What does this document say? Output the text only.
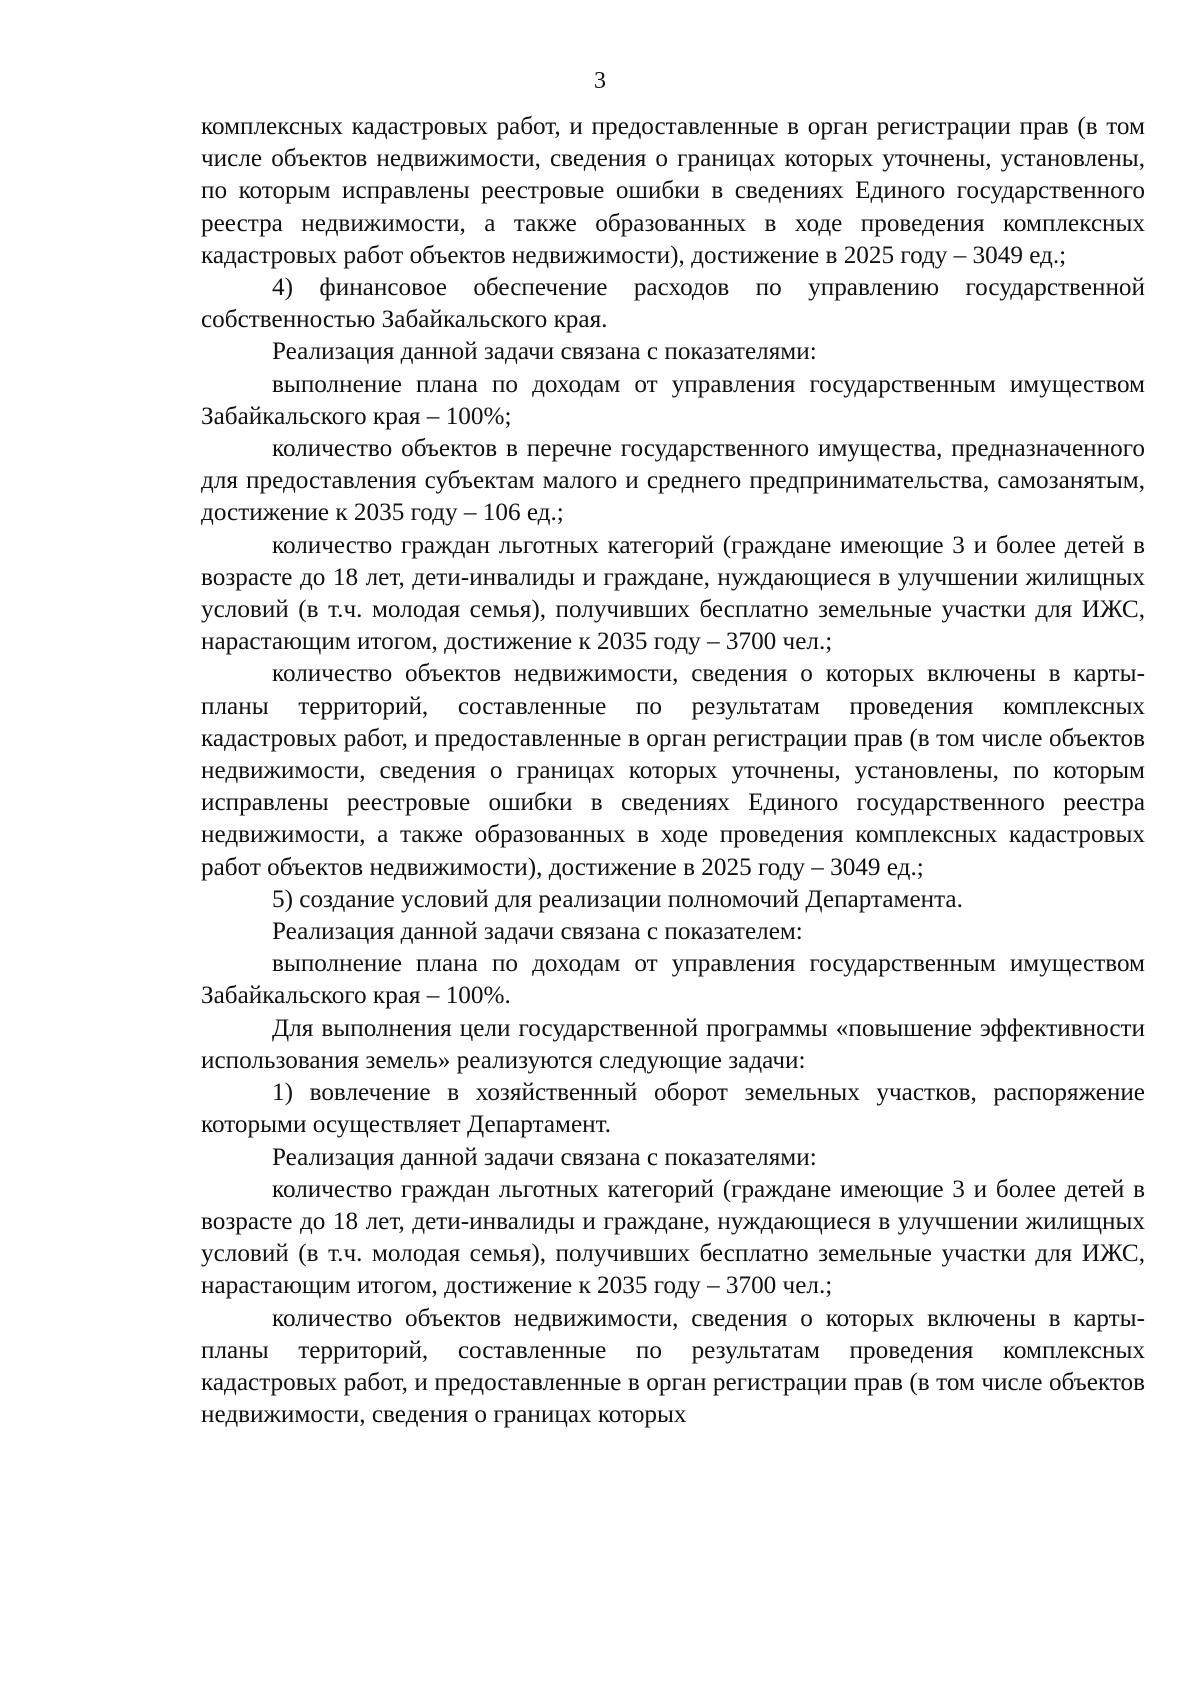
3

комплексных кадастровых работ, и предоставленные в орган регистрации прав (в том числе объектов недвижимости, сведения о границах которых уточнены, установлены, по которым исправлены реестровые ошибки в сведениях Единого государственного реестра недвижимости, а также образованных в ходе проведения комплексных кадастровых работ объектов недвижимости), достижение в 2025 году – 3049 ед.;

4) финансовое обеспечение расходов по управлению государственной собственностью Забайкальского края.

Реализация данной задачи связана с показателями:

выполнение плана по доходам от управления государственным имуществом Забайкальского края – 100%;

количество объектов в перечне государственного имущества, предназначенного для предоставления субъектам малого и среднего предпринимательства, самозанятым, достижение к 2035 году – 106 ед.;

количество граждан льготных категорий (граждане имеющие 3 и более детей в возрасте до 18 лет, дети-инвалиды и граждане, нуждающиеся в улучшении жилищных условий (в т.ч. молодая семья), получивших бесплатно земельные участки для ИЖС, нарастающим итогом, достижение к 2035 году – 3700 чел.;

количество объектов недвижимости, сведения о которых включены в карты-планы территорий, составленные по результатам проведения комплексных кадастровых работ, и предоставленные в орган регистрации прав (в том числе объектов недвижимости, сведения о границах которых уточнены, установлены, по которым исправлены реестровые ошибки в сведениях Единого государственного реестра недвижимости, а также образованных в ходе проведения комплексных кадастровых работ объектов недвижимости), достижение в 2025 году – 3049 ед.;

5) создание условий для реализации полномочий Департамента.

Реализация данной задачи связана с показателем:

выполнение плана по доходам от управления государственным имуществом Забайкальского края – 100%.

Для выполнения цели государственной программы «повышение эффективности использования земель» реализуются следующие задачи:

1) вовлечение в хозяйственный оборот земельных участков, распоряжение которыми осуществляет Департамент.

Реализация данной задачи связана с показателями:

количество граждан льготных категорий (граждане имеющие 3 и более детей в возрасте до 18 лет, дети-инвалиды и граждане, нуждающиеся в улучшении жилищных условий (в т.ч. молодая семья), получивших бесплатно земельные участки для ИЖС, нарастающим итогом, достижение к 2035 году – 3700 чел.;

количество объектов недвижимости, сведения о которых включены в карты-планы территорий, составленные по результатам проведения комплексных кадастровых работ, и предоставленные в орган регистрации прав (в том числе объектов недвижимости, сведения о границах которых
